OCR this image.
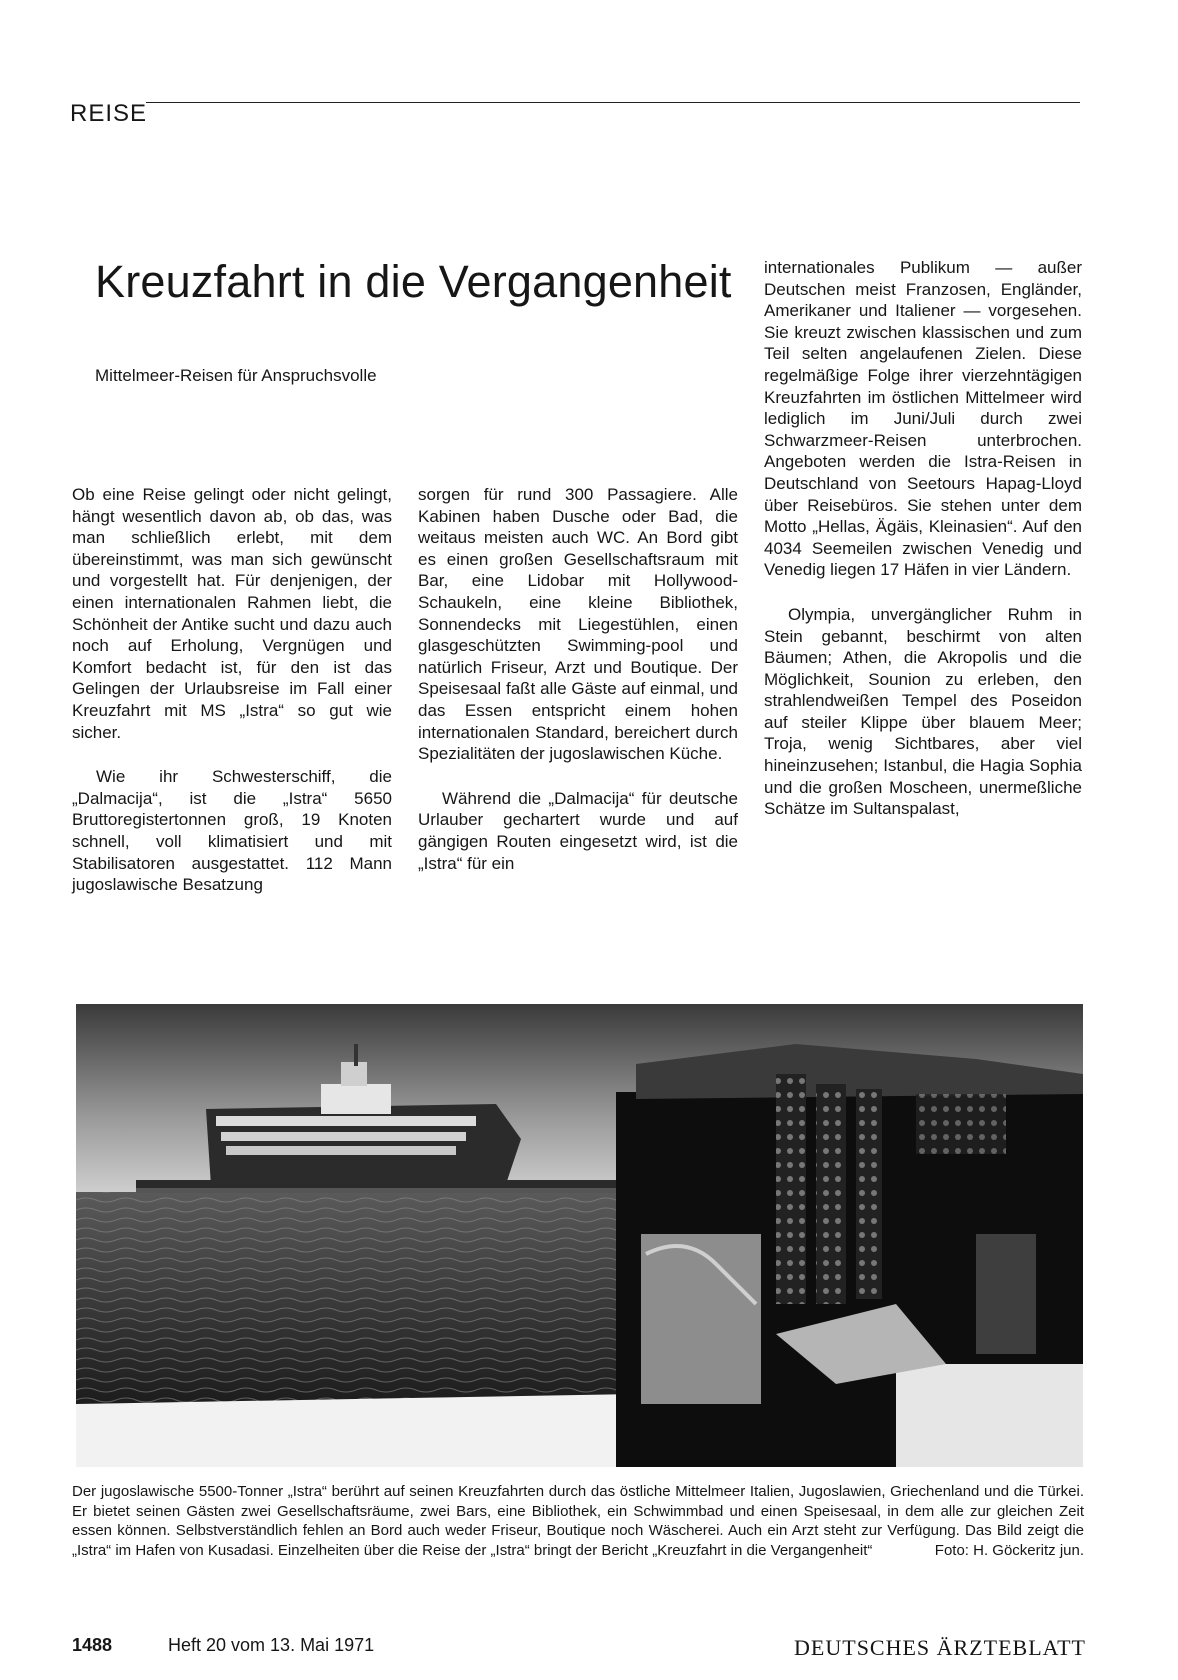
REISE
Kreuzfahrt in die Vergangenheit
Mittelmeer-Reisen für Anspruchsvolle

Ob eine Reise gelingt oder nicht gelingt, hängt wesentlich davon ab, ob das, was man schließlich erlebt, mit dem übereinstimmt, was man sich gewünscht und vorgestellt hat. Für denjenigen, der einen internationalen Rahmen liebt, die Schönheit der Antike sucht und dazu auch noch auf Erholung, Vergnügen und Komfort bedacht ist, für den ist das Gelingen der Urlaubsreise im Fall einer Kreuzfahrt mit MS „Istra“ so gut wie sicher.

Wie ihr Schwesterschiff, die „Dalmacija“, ist die „Istra“ 5650 Bruttoregistertonnen groß, 19 Knoten schnell, voll klimatisiert und mit Stabilisatoren ausgestattet. 112 Mann jugoslawische Besatzung

sorgen für rund 300 Passagiere. Alle Kabinen haben Dusche oder Bad, die weitaus meisten auch WC. An Bord gibt es einen großen Gesellschaftsraum mit Bar, eine Lidobar mit Hollywood-Schaukeln, eine kleine Bibliothek, Sonnendecks mit Liegestühlen, einen glasgeschützten Swimming-pool und natürlich Friseur, Arzt und Boutique. Der Speisesaal faßt alle Gäste auf einmal, und das Essen entspricht einem hohen internationalen Standard, bereichert durch Spezialitäten der jugoslawischen Küche.

Während die „Dalmacija“ für deutsche Urlauber gechartert wurde und auf gängigen Routen eingesetzt wird, ist die „Istra“ für ein

internationales Publikum — außer Deutschen meist Franzosen, Engländer, Amerikaner und Italiener — vorgesehen. Sie kreuzt zwischen klassischen und zum Teil selten angelaufenen Zielen. Diese regelmäßige Folge ihrer vierzehntägigen Kreuzfahrten im östlichen Mittelmeer wird lediglich im Juni/Juli durch zwei Schwarzmeer-Reisen unterbrochen. Angeboten werden die Istra-Reisen in Deutschland von Seetours Hapag-Lloyd über Reisebüros. Sie stehen unter dem Motto „Hellas, Ägäis, Kleinasien“. Auf den 4034 Seemeilen zwischen Venedig und Venedig liegen 17 Häfen in vier Ländern.

Olympia, unvergänglicher Ruhm in Stein gebannt, beschirmt von alten Bäumen; Athen, die Akropolis und die Möglichkeit, Sounion zu erleben, den strahlendweißen Tempel des Poseidon auf steiler Klippe über blauem Meer; Troja, wenig Sichtbares, aber viel hineinzusehen; Istanbul, die Hagia Sophia und die großen Moscheen, unermeßliche Schätze im Sultanspalast,

Der jugoslawische 5500-Tonner „Istra“ berührt auf seinen Kreuzfahrten durch das östliche Mittelmeer Italien, Jugoslawien, Griechenland und die Türkei. Er bietet seinen Gästen zwei Gesellschaftsräume, zwei Bars, eine Bibliothek, ein Schwimmbad und einen Speisesaal, in dem alle zur gleichen Zeit essen können. Selbstverständlich fehlen an Bord auch weder Friseur, Boutique noch Wäscherei. Auch ein Arzt steht zur Verfügung. Das Bild zeigt die „Istra“ im Hafen von Kusadasi. Einzelheiten über die Reise der „Istra“ bringt der Bericht „Kreuzfahrt in die Vergangenheit“	Foto: H. Göckeritz jun.
1488	Heft 20 vom 13. Mai 1971	DEUTSCHES ÄRZTEBLATT
